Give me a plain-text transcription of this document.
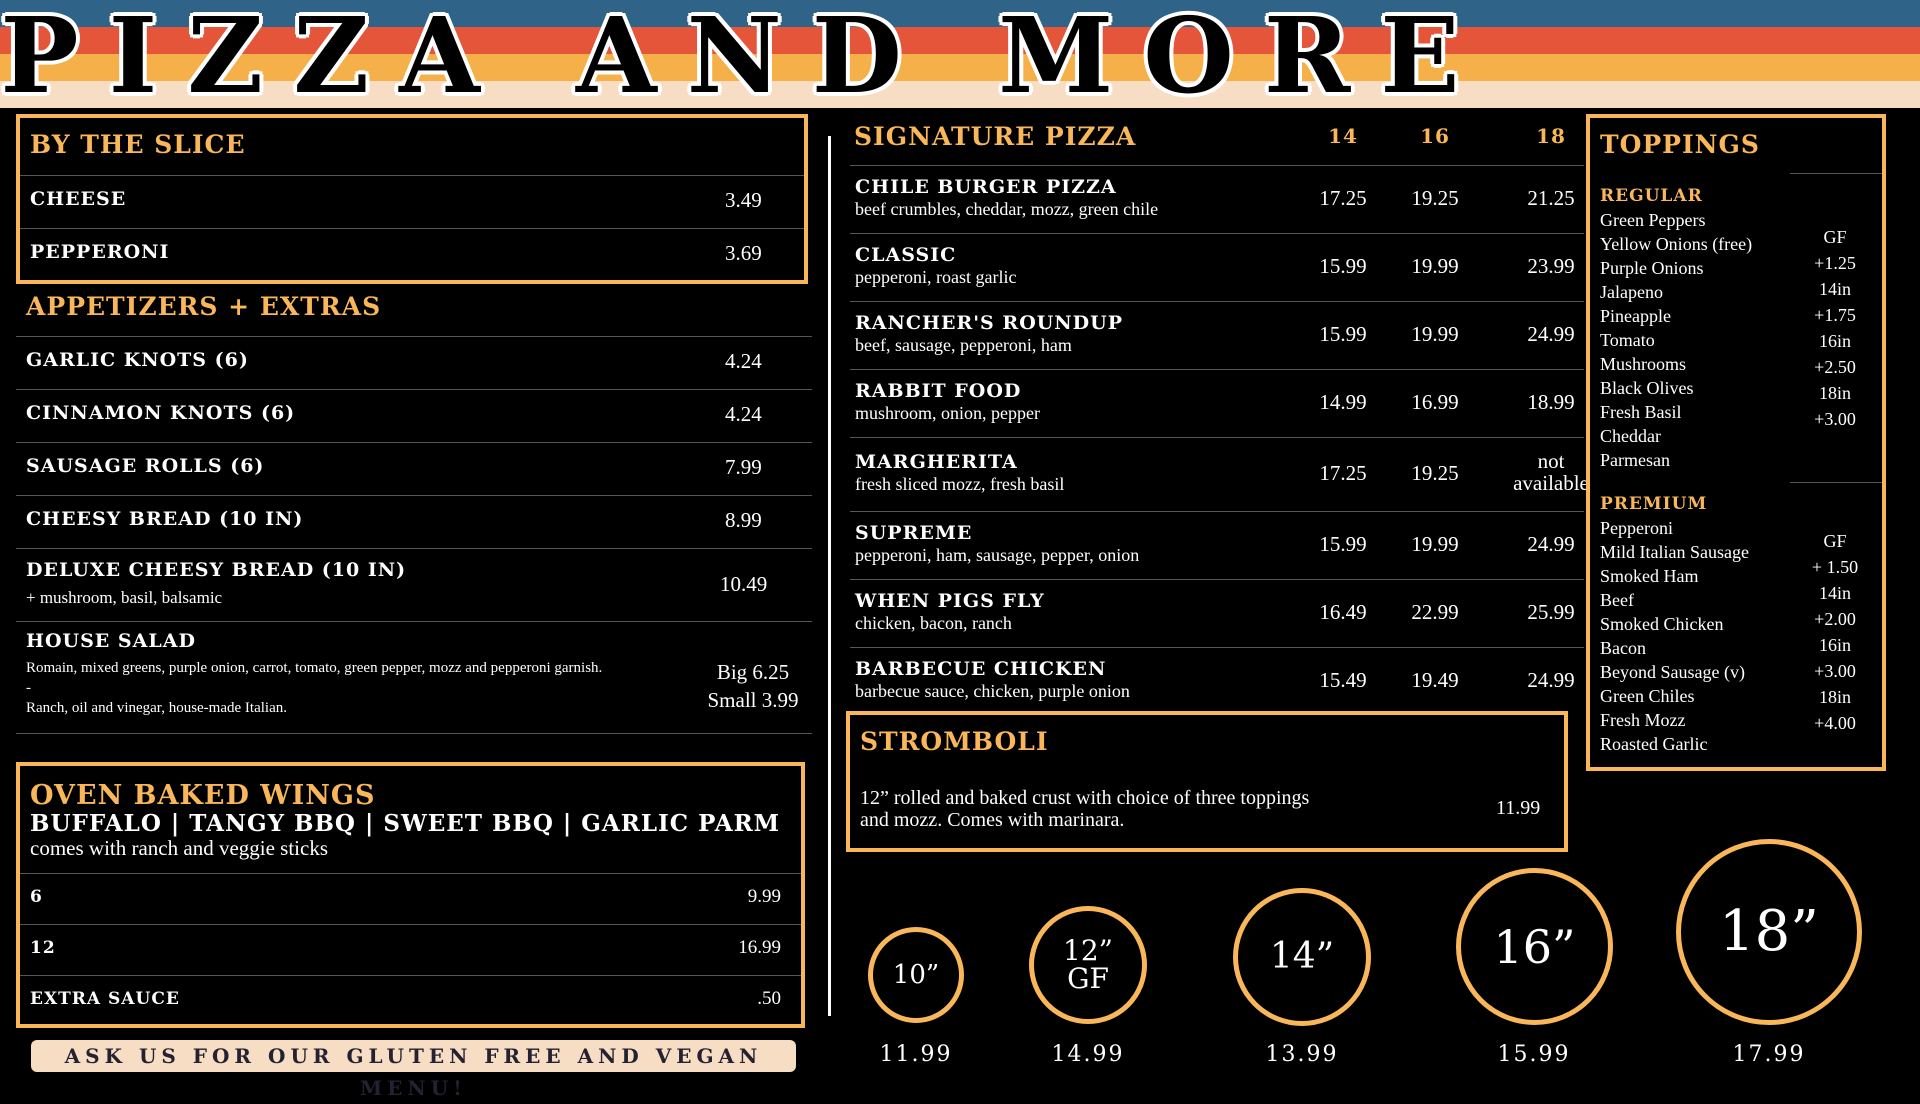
PIZZA AND MORE
BY THE SLICE
CHEESE	3.49
PEPPERONI	3.69
APPETIZERS + EXTRAS
GARLIC KNOTS (6)	4.24
CINNAMON KNOTS (6)	4.24
SAUSAGE ROLLS (6)	7.99
CHEESY BREAD (10 IN)	8.99
DELUXE CHEESY BREAD (10 IN)
+ mushroom, basil, balsamic
10.49
HOUSE SALAD
Romain, mixed greens, purple onion, carrot, tomato, green pepper, mozz and pepperoni garnish.
-
Ranch, oil and vinegar, house-made Italian.
Big 6.25
Small 3.99
OVEN BAKED WINGS
BUFFALO | TANGY BBQ | SWEET BBQ | GARLIC PARM
comes with ranch and veggie sticks
6	9.99
12	16.99
EXTRA SAUCE	.50
SIGNATURE PIZZA	14	16	18
CHILE BURGER PIZZA
beef crumbles, cheddar, mozz, green chile	17.25	19.25	21.25
CLASSIC
pepperoni, roast garlic	15.99	19.99	23.99
RANCHER'S ROUNDUP
beef, sausage, pepperoni, ham	15.99	19.99	24.99
RABBIT FOOD
mushroom, onion, pepper	14.99	16.99	18.99
MARGHERITA
fresh sliced mozz, fresh basil	17.25	19.25	not
available
SUPREME
pepperoni, ham, sausage, pepper, onion	15.99	19.99	24.99
WHEN PIGS FLY
chicken, bacon, ranch	16.49	22.99	25.99
BARBECUE CHICKEN
barbecue sauce, chicken, purple onion	15.49	19.49	24.99
STROMBOLI
12” rolled and baked crust with choice of three toppings
and mozz. Comes with marinara.
11.99
TOPPINGS
REGULAR
Green Peppers
Yellow Onions (free)
Purple Onions
Jalapeno
Pineapple
Tomato
Mushrooms
Black Olives
Fresh Basil
Cheddar
Parmesan
GF
+1.25
14in
+1.75
16in
+2.50
18in
+3.00
PREMIUM
Pepperoni
Mild Italian Sausage
Smoked Ham
Beef
Smoked Chicken
Bacon
Beyond Sausage (v)
Green Chiles
Fresh Mozz
Roasted Garlic
GF
+ 1.50
14in
+2.00
16in
+3.00
18in
+4.00
10”
12”
GF
14”	16”	18”
11.99	14.99	13.99	15.99	17.99
ASK US FOR OUR GLUTEN FREE AND VEGAN MENU!
